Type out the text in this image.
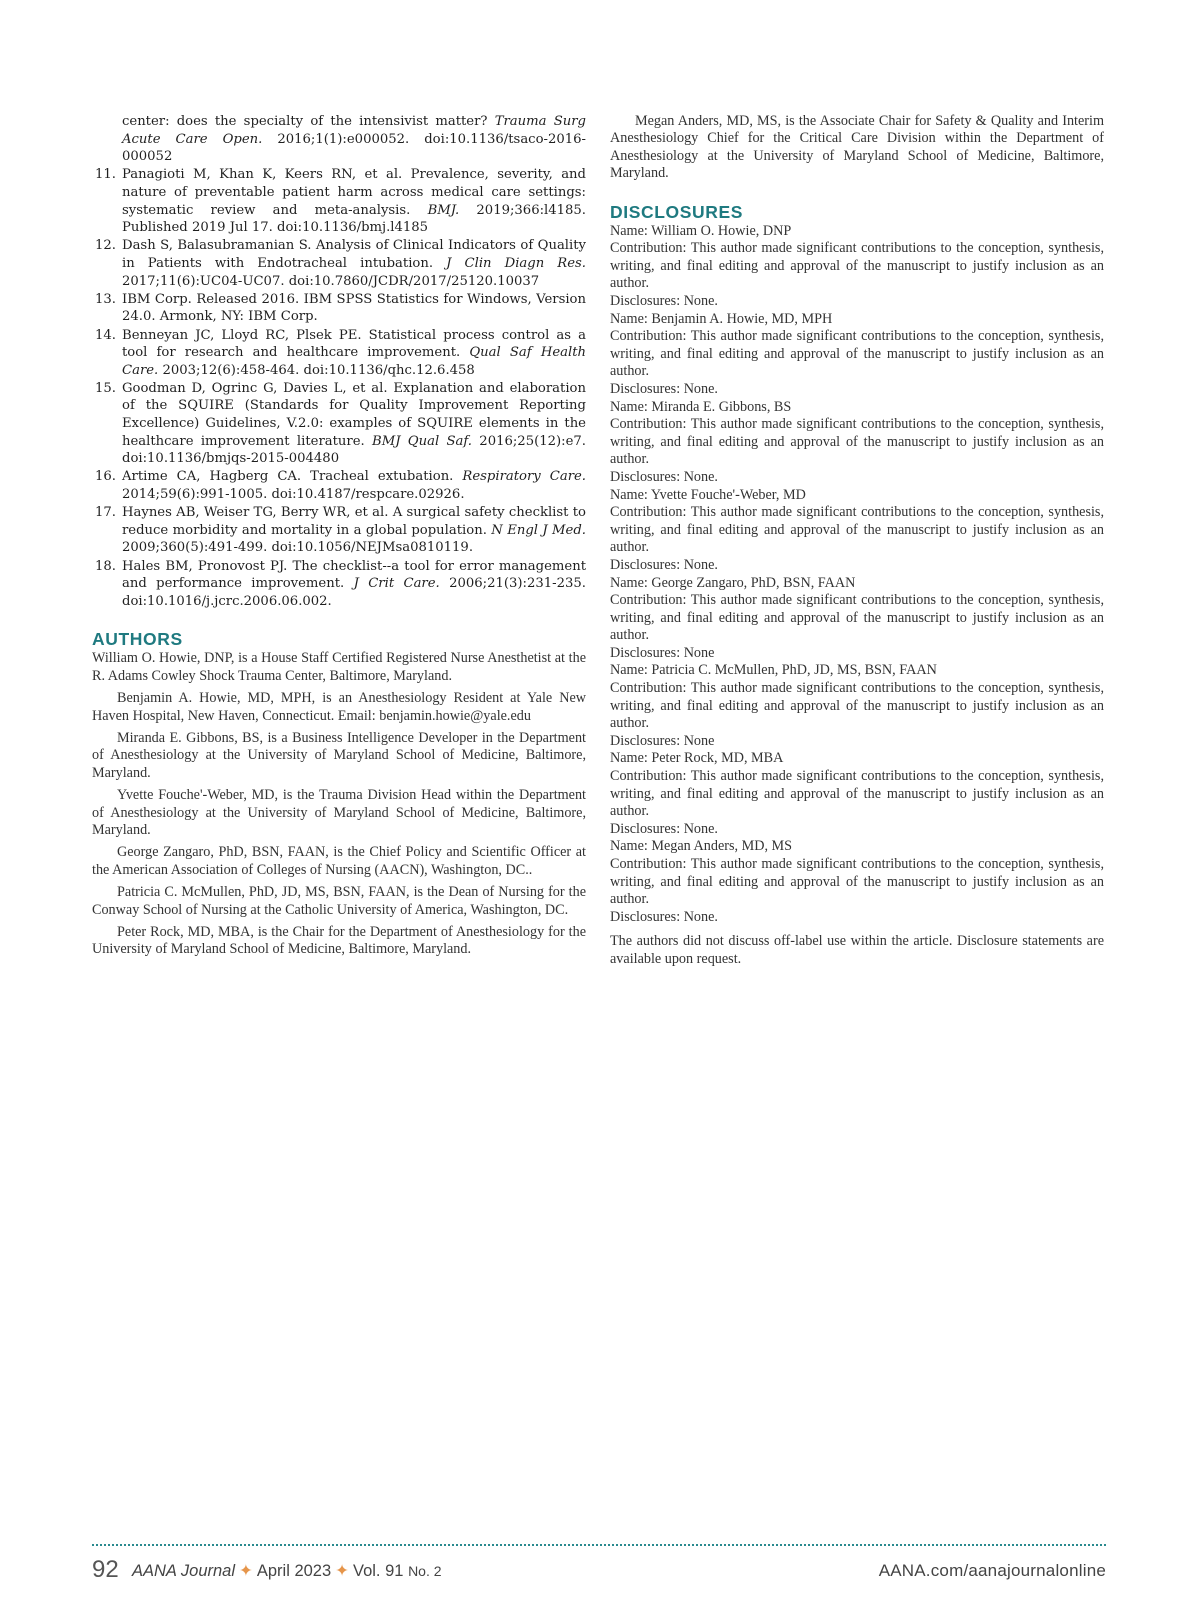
center: does the specialty of the intensivist matter? Trauma Surg Acute Care Open. 2016;1(1):e000052. doi:10.1136/tsaco-2016-000052
11. Panagioti M, Khan K, Keers RN, et al. Prevalence, severity, and nature of preventable patient harm across medical care settings: systematic review and meta-analysis. BMJ. 2019;366:l4185. Published 2019 Jul 17. doi:10.1136/bmj.l4185
12. Dash S, Balasubramanian S. Analysis of Clinical Indicators of Quality in Patients with Endotracheal intubation. J Clin Diagn Res. 2017;11(6):UC04-UC07. doi:10.7860/JCDR/2017/25120.10037
13. IBM Corp. Released 2016. IBM SPSS Statistics for Windows, Version 24.0. Armonk, NY: IBM Corp.
14. Benneyan JC, Lloyd RC, Plsek PE. Statistical process control as a tool for research and healthcare improvement. Qual Saf Health Care. 2003;12(6):458-464. doi:10.1136/qhc.12.6.458
15. Goodman D, Ogrinc G, Davies L, et al. Explanation and elaboration of the SQUIRE (Standards for Quality Improvement Reporting Excellence) Guidelines, V.2.0: examples of SQUIRE elements in the healthcare improvement literature. BMJ Qual Saf. 2016;25(12):e7. doi:10.1136/bmjqs-2015-004480
16. Artime CA, Hagberg CA. Tracheal extubation. Respiratory Care. 2014;59(6):991-1005. doi:10.4187/respcare.02926.
17. Haynes AB, Weiser TG, Berry WR, et al. A surgical safety checklist to reduce morbidity and mortality in a global population. N Engl J Med. 2009;360(5):491-499. doi:10.1056/NEJMsa0810119.
18. Hales BM, Pronovost PJ. The checklist--a tool for error management and performance improvement. J Crit Care. 2006;21(3):231-235. doi:10.1016/j.jcrc.2006.06.002.
AUTHORS

William O. Howie, DNP, is a House Staff Certified Registered Nurse Anesthetist at the R. Adams Cowley Shock Trauma Center, Baltimore, Maryland.

Benjamin A. Howie, MD, MPH, is an Anesthesiology Resident at Yale New Haven Hospital, New Haven, Connecticut. Email: benjamin.howie@yale.edu

Miranda E. Gibbons, BS, is a Business Intelligence Developer in the Department of Anesthesiology at the University of Maryland School of Medicine, Baltimore, Maryland.

Yvette Fouche'-Weber, MD, is the Trauma Division Head within the Department of Anesthesiology at the University of Maryland School of Medicine, Baltimore, Maryland.

George Zangaro, PhD, BSN, FAAN, is the Chief Policy and Scientific Officer at the American Association of Colleges of Nursing (AACN), Washington, DC..

Patricia C. McMullen, PhD, JD, MS, BSN, FAAN, is the Dean of Nursing for the Conway School of Nursing at the Catholic University of America, Washington, DC.

Peter Rock, MD, MBA, is the Chair for the Department of Anesthesiology for the University of Maryland School of Medicine, Baltimore, Maryland.

Megan Anders, MD, MS, is the Associate Chair for Safety & Quality and Interim Anesthesiology Chief for the Critical Care Division within the Department of Anesthesiology at the University of Maryland School of Medicine, Baltimore, Maryland.

DISCLOSURES

Name: William O. Howie, DNP

Contribution: This author made significant contributions to the conception, synthesis, writing, and final editing and approval of the manuscript to justify inclusion as an author.

Disclosures: None.

Name: Benjamin A. Howie, MD, MPH

Contribution: This author made significant contributions to the conception, synthesis, writing, and final editing and approval of the manuscript to justify inclusion as an author.

Disclosures: None.

Name: Miranda E. Gibbons, BS

Contribution: This author made significant contributions to the conception, synthesis, writing, and final editing and approval of the manuscript to justify inclusion as an author.

Disclosures: None.

Name: Yvette Fouche'-Weber, MD

Contribution: This author made significant contributions to the conception, synthesis, writing, and final editing and approval of the manuscript to justify inclusion as an author.

Disclosures: None.

Name: George Zangaro, PhD, BSN, FAAN

Contribution: This author made significant contributions to the conception, synthesis, writing, and final editing and approval of the manuscript to justify inclusion as an author.

Disclosures: None

Name: Patricia C. McMullen, PhD, JD, MS, BSN, FAAN

Contribution: This author made significant contributions to the conception, synthesis, writing, and final editing and approval of the manuscript to justify inclusion as an author.

Disclosures: None

Name: Peter Rock, MD, MBA

Contribution: This author made significant contributions to the conception, synthesis, writing, and final editing and approval of the manuscript to justify inclusion as an author.

Disclosures: None.

Name: Megan Anders, MD, MS

Contribution: This author made significant contributions to the conception, synthesis, writing, and final editing and approval of the manuscript to justify inclusion as an author.

Disclosures: None.

The authors did not discuss off-label use within the article. Disclosure statements are available upon request.

92 AANA Journal ✦ April 2023 ✦ Vol. 91 No. 2	AANA.com/aanajournalonline
